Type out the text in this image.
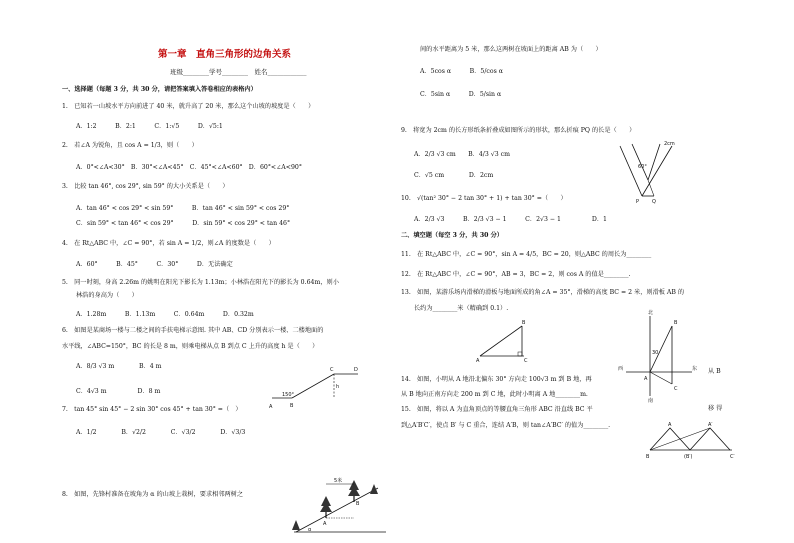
第一章　直角三角形的边角关系
班级________学号________　姓名____________
一、选择题（每题 3 分，共 30 分，请把答案填入答卷相应的表格内）
1.　已知若一山坡水平方向前进了 40 米，就升高了 20 米，那么这个山坡的坡度是（　　）
A．1:2　　　B．2:1　　　C．1:√5　　　D．√5:1
2.　若∠A 为锐角，且 cos A = 1/3，则（　　）
A．0°<∠A<30°　B．30°<∠A<45°　C．45°<∠A<60°　D．60°<∠A<90°
3.　比较 tan 46°, cos 29°, sin 59° 的大小关系是（　　）
A．tan 46° < cos 29° < sin 59°　　　B．tan 46° < sin 59° < cos 29°
C．sin 59° < tan 46° < cos 29°　　　D．sin 59° < cos 29° < tan 46°
4.　在 Rt△ABC 中，∠C = 90°，若 sin A = 1/2，则∠A 的度数是（　　）
A．60°　　　B．45°　　　C．30°　　　D．无法确定
5.　同一时刻，身高 2.26m 的姚明在阳光下影长为 1.13m；小林浩在阳光下的影长为 0.64m，则小
林浩的身高为（　　）
A．1.28m　　　B．1.13m　　　C．0.64m　　　D．0.32m
6.　如图是某商场一楼与二楼之间的手扶电梯示意图. 其中 AB、CD 分别表示一楼、二楼地面的
水平线，∠ABC=150°，BC 的长是 8 m，则乘电梯从点 B 到点 C 上升的高度 h 是（　　）
A．8/3 √3 m　　　　B．4 m
C．4√3 m　　　　　D．8 m
7.　tan 45° sin 45° − 2 sin 30° cos 45° + tan 30° =（　）
A．1/2　　　　B．√2/2　　　　C．√3/2　　　　D．√3/3
8.　如图，先锋村准备在坡角为 α 的山坡上栽树，要求相邻两树之
间的水平距离为 5 米，那么这两树在坡面上的距离 AB 为（　　）
A．5cos α　　　B．5/cos α
C．5sin α　　　D．5/sin α
9.　将宽为 2cm 的长方形纸条折叠成如图所示的形状，那么折痕 PQ 的长是（　　）
A．2/3 √3 cm　　B．4/3 √3 cm
C．√5 cm　　　　D．2cm
10.　√(tan² 30° − 2 tan 30° + 1) + tan 30° =（　　）
A．2/3 √3　　　B．2/3 √3 − 1　　　C．2√3 − 1　　　　　D．1
11.　在 Rt△ABC 中，∠C = 90°，sin A = 4/5，BC = 20，则△ABC 的周长为________
12.　在 Rt△ABC 中，∠C = 90°，AB = 3，BC = 2，则 cos A 的值是________.
13.　如图，某游乐场内滑梯的滑板与地面所成的角∠A = 35°，滑梯的高度 BC = 2 米，则滑板 AB 的
长约为________米（精确到 0.1）.
14.　如图，小明从 A 地沿北偏东 30° 方向走 100√3 m 到 B 地，再
从 B 地向正南方向走 200 m 到 C 地，此时小明离 A 地________m.
15.　如图，将以 A 为直角顶点的等腰直角三角形 ABC 沿直线 BC 平
到△A′B′C′，使点 B′ 与 C 重合，连结 A′B，则 tan∠A′BC′ 的值为________.
二、填空题（每空 3 分，共 30 分）
A	B
C	D
h
150°
5米
A
B
α
2cm
60°
P	Q
A
B
C
北
南
东
西
A
B
C
30
从 B
移 得
A	A′
B	(B′)	C′
